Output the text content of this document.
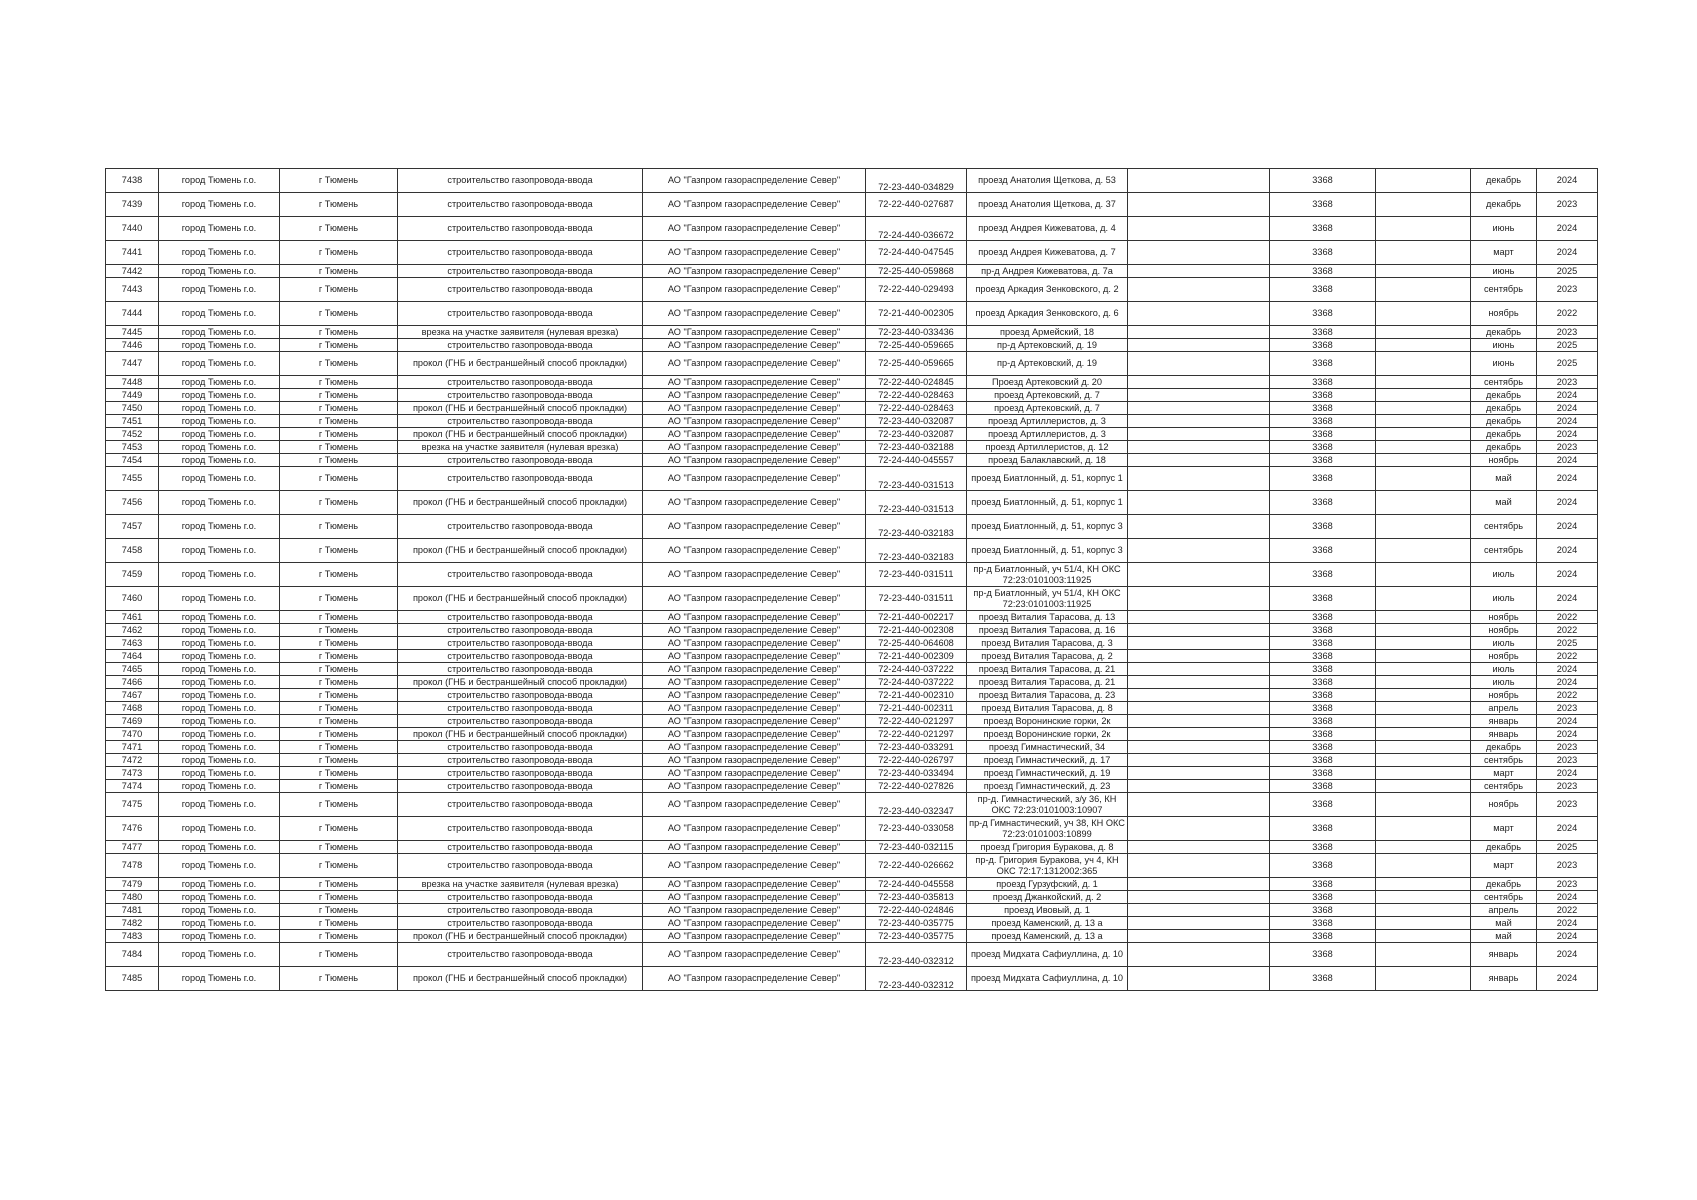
7438	город Тюмень г.о.	г Тюмень	строительство газопровода-ввода	АО "Газпром газораспределение Север"	72-23-440-034829	проезд Анатолия Щеткова, д. 53		3368		декабрь	2024
7439	город Тюмень г.о.	г Тюмень	строительство газопровода-ввода	АО "Газпром газораспределение Север"	72-22-440-027687	проезд Анатолия Щеткова, д. 37		3368		декабрь	2023
7440	город Тюмень г.о.	г Тюмень	строительство газопровода-ввода	АО "Газпром газораспределение Север"	72-24-440-036672	проезд Андрея Кижеватова, д. 4		3368		июнь	2024
7441	город Тюмень г.о.	г Тюмень	строительство газопровода-ввода	АО "Газпром газораспределение Север"	72-24-440-047545	проезд Андрея Кижеватова, д. 7		3368		март	2024
7442	город Тюмень г.о.	г Тюмень	строительство газопровода-ввода	АО "Газпром газораспределение Север"	72-25-440-059868	пр-д Андрея Кижеватова, д. 7а		3368		июнь	2025
7443	город Тюмень г.о.	г Тюмень	строительство газопровода-ввода	АО "Газпром газораспределение Север"	72-22-440-029493	проезд Аркадия Зенковского, д. 2		3368		сентябрь	2023
7444	город Тюмень г.о.	г Тюмень	строительство газопровода-ввода	АО "Газпром газораспределение Север"	72-21-440-002305	проезд Аркадия Зенковского, д. 6		3368		ноябрь	2022
7445	город Тюмень г.о.	г Тюмень	врезка на участке заявителя (нулевая врезка)	АО "Газпром газораспределение Север"	72-23-440-033436	проезд Армейский, 18		3368		декабрь	2023
7446	город Тюмень г.о.	г Тюмень	строительство газопровода-ввода	АО "Газпром газораспределение Север"	72-25-440-059665	пр-д Артековский, д. 19		3368		июнь	2025
7447	город Тюмень г.о.	г Тюмень	прокол (ГНБ и бестраншейный способ прокладки)	АО "Газпром газораспределение Север"	72-25-440-059665	пр-д Артековский, д. 19		3368		июнь	2025
7448	город Тюмень г.о.	г Тюмень	строительство газопровода-ввода	АО "Газпром газораспределение Север"	72-22-440-024845	Проезд Артековский д. 20		3368		сентябрь	2023
7449	город Тюмень г.о.	г Тюмень	строительство газопровода-ввода	АО "Газпром газораспределение Север"	72-22-440-028463	проезд Артековский, д. 7		3368		декабрь	2024
7450	город Тюмень г.о.	г Тюмень	прокол (ГНБ и бестраншейный способ прокладки)	АО "Газпром газораспределение Север"	72-22-440-028463	проезд Артековский, д. 7		3368		декабрь	2024
7451	город Тюмень г.о.	г Тюмень	строительство газопровода-ввода	АО "Газпром газораспределение Север"	72-23-440-032087	проезд Артиллеристов, д. 3		3368		декабрь	2024
7452	город Тюмень г.о.	г Тюмень	прокол (ГНБ и бестраншейный способ прокладки)	АО "Газпром газораспределение Север"	72-23-440-032087	проезд Артиллеристов, д. 3		3368		декабрь	2024
7453	город Тюмень г.о.	г Тюмень	врезка на участке заявителя (нулевая врезка)	АО "Газпром газораспределение Север"	72-23-440-032188	проезд Артиллеристов, д. 12		3368		декабрь	2023
7454	город Тюмень г.о.	г Тюмень	строительство газопровода-ввода	АО "Газпром газораспределение Север"	72-24-440-045557	проезд Балаклавский, д. 18		3368		ноябрь	2024
7455	город Тюмень г.о.	г Тюмень	строительство газопровода-ввода	АО "Газпром газораспределение Север"	72-23-440-031513	проезд Биатлонный, д. 51, корпус 1		3368		май	2024
7456	город Тюмень г.о.	г Тюмень	прокол (ГНБ и бестраншейный способ прокладки)	АО "Газпром газораспределение Север"	72-23-440-031513	проезд Биатлонный, д. 51, корпус 1		3368		май	2024
7457	город Тюмень г.о.	г Тюмень	строительство газопровода-ввода	АО "Газпром газораспределение Север"	72-23-440-032183	проезд Биатлонный, д. 51, корпус 3		3368		сентябрь	2024
7458	город Тюмень г.о.	г Тюмень	прокол (ГНБ и бестраншейный способ прокладки)	АО "Газпром газораспределение Север"	72-23-440-032183	проезд Биатлонный, д. 51, корпус 3		3368		сентябрь	2024
7459	город Тюмень г.о.	г Тюмень	строительство газопровода-ввода	АО "Газпром газораспределение Север"	72-23-440-031511	пр-д Биатлонный, уч 51/4, КН ОКС 72:23:0101003:11925		3368		июль	2024
7460	город Тюмень г.о.	г Тюмень	прокол (ГНБ и бестраншейный способ прокладки)	АО "Газпром газораспределение Север"	72-23-440-031511	пр-д Биатлонный, уч 51/4, КН ОКС 72:23:0101003:11925		3368		июль	2024
7461	город Тюмень г.о.	г Тюмень	строительство газопровода-ввода	АО "Газпром газораспределение Север"	72-21-440-002217	проезд Виталия Тарасова, д. 13		3368		ноябрь	2022
7462	город Тюмень г.о.	г Тюмень	строительство газопровода-ввода	АО "Газпром газораспределение Север"	72-21-440-002308	проезд Виталия Тарасова, д. 16		3368		ноябрь	2022
7463	город Тюмень г.о.	г Тюмень	строительство газопровода-ввода	АО "Газпром газораспределение Север"	72-25-440-064608	проезд Виталия Тарасова, д. 3		3368		июль	2025
7464	город Тюмень г.о.	г Тюмень	строительство газопровода-ввода	АО "Газпром газораспределение Север"	72-21-440-002309	проезд Виталия Тарасова, д. 2		3368		ноябрь	2022
7465	город Тюмень г.о.	г Тюмень	строительство газопровода-ввода	АО "Газпром газораспределение Север"	72-24-440-037222	проезд Виталия Тарасова, д. 21		3368		июль	2024
7466	город Тюмень г.о.	г Тюмень	прокол (ГНБ и бестраншейный способ прокладки)	АО "Газпром газораспределение Север"	72-24-440-037222	проезд Виталия Тарасова, д. 21		3368		июль	2024
7467	город Тюмень г.о.	г Тюмень	строительство газопровода-ввода	АО "Газпром газораспределение Север"	72-21-440-002310	проезд Виталия Тарасова, д. 23		3368		ноябрь	2022
7468	город Тюмень г.о.	г Тюмень	строительство газопровода-ввода	АО "Газпром газораспределение Север"	72-21-440-002311	проезд Виталия Тарасова, д. 8		3368		апрель	2023
7469	город Тюмень г.о.	г Тюмень	строительство газопровода-ввода	АО "Газпром газораспределение Север"	72-22-440-021297	проезд Воронинские горки, 2к		3368		январь	2024
7470	город Тюмень г.о.	г Тюмень	прокол (ГНБ и бестраншейный способ прокладки)	АО "Газпром газораспределение Север"	72-22-440-021297	проезд Воронинские горки, 2к		3368		январь	2024
7471	город Тюмень г.о.	г Тюмень	строительство газопровода-ввода	АО "Газпром газораспределение Север"	72-23-440-033291	проезд Гимнастический, 34		3368		декабрь	2023
7472	город Тюмень г.о.	г Тюмень	строительство газопровода-ввода	АО "Газпром газораспределение Север"	72-22-440-026797	проезд Гимнастический, д. 17		3368		сентябрь	2023
7473	город Тюмень г.о.	г Тюмень	строительство газопровода-ввода	АО "Газпром газораспределение Север"	72-23-440-033494	проезд Гимнастический, д. 19		3368		март	2024
7474	город Тюмень г.о.	г Тюмень	строительство газопровода-ввода	АО "Газпром газораспределение Север"	72-22-440-027826	проезд Гимнастический, д. 23		3368		сентябрь	2023
7475	город Тюмень г.о.	г Тюмень	строительство газопровода-ввода	АО "Газпром газораспределение Север"	72-23-440-032347	пр-д. Гимнастический, з/у 36, КН ОКС 72:23:0101003:10907		3368		ноябрь	2023
7476	город Тюмень г.о.	г Тюмень	строительство газопровода-ввода	АО "Газпром газораспределение Север"	72-23-440-033058	пр-д Гимнастический, уч 38, КН ОКС 72:23:0101003:10899		3368		март	2024
7477	город Тюмень г.о.	г Тюмень	строительство газопровода-ввода	АО "Газпром газораспределение Север"	72-23-440-032115	проезд Григория Буракова, д. 8		3368		декабрь	2025
7478	город Тюмень г.о.	г Тюмень	строительство газопровода-ввода	АО "Газпром газораспределение Север"	72-22-440-026662	пр-д. Григория Буракова, уч 4, КН ОКС 72:17:1312002:365		3368		март	2023
7479	город Тюмень г.о.	г Тюмень	врезка на участке заявителя (нулевая врезка)	АО "Газпром газораспределение Север"	72-24-440-045558	проезд Гурзуфский, д. 1		3368		декабрь	2023
7480	город Тюмень г.о.	г Тюмень	строительство газопровода-ввода	АО "Газпром газораспределение Север"	72-23-440-035813	проезд Джанкойский, д. 2		3368		сентябрь	2024
7481	город Тюмень г.о.	г Тюмень	строительство газопровода-ввода	АО "Газпром газораспределение Север"	72-22-440-024846	проезд Ивовый, д. 1		3368		апрель	2022
7482	город Тюмень г.о.	г Тюмень	строительство газопровода-ввода	АО "Газпром газораспределение Север"	72-23-440-035775	проезд Каменский, д. 13 а		3368		май	2024
7483	город Тюмень г.о.	г Тюмень	прокол (ГНБ и бестраншейный способ прокладки)	АО "Газпром газораспределение Север"	72-23-440-035775	проезд Каменский, д. 13 а		3368		май	2024
7484	город Тюмень г.о.	г Тюмень	строительство газопровода-ввода	АО "Газпром газораспределение Север"	72-23-440-032312	проезд Мидхата Сафиуллина, д. 10		3368		январь	2024
7485	город Тюмень г.о.	г Тюмень	прокол (ГНБ и бестраншейный способ прокладки)	АО "Газпром газораспределение Север"	72-23-440-032312	проезд Мидхата Сафиуллина, д. 10		3368		январь	2024
